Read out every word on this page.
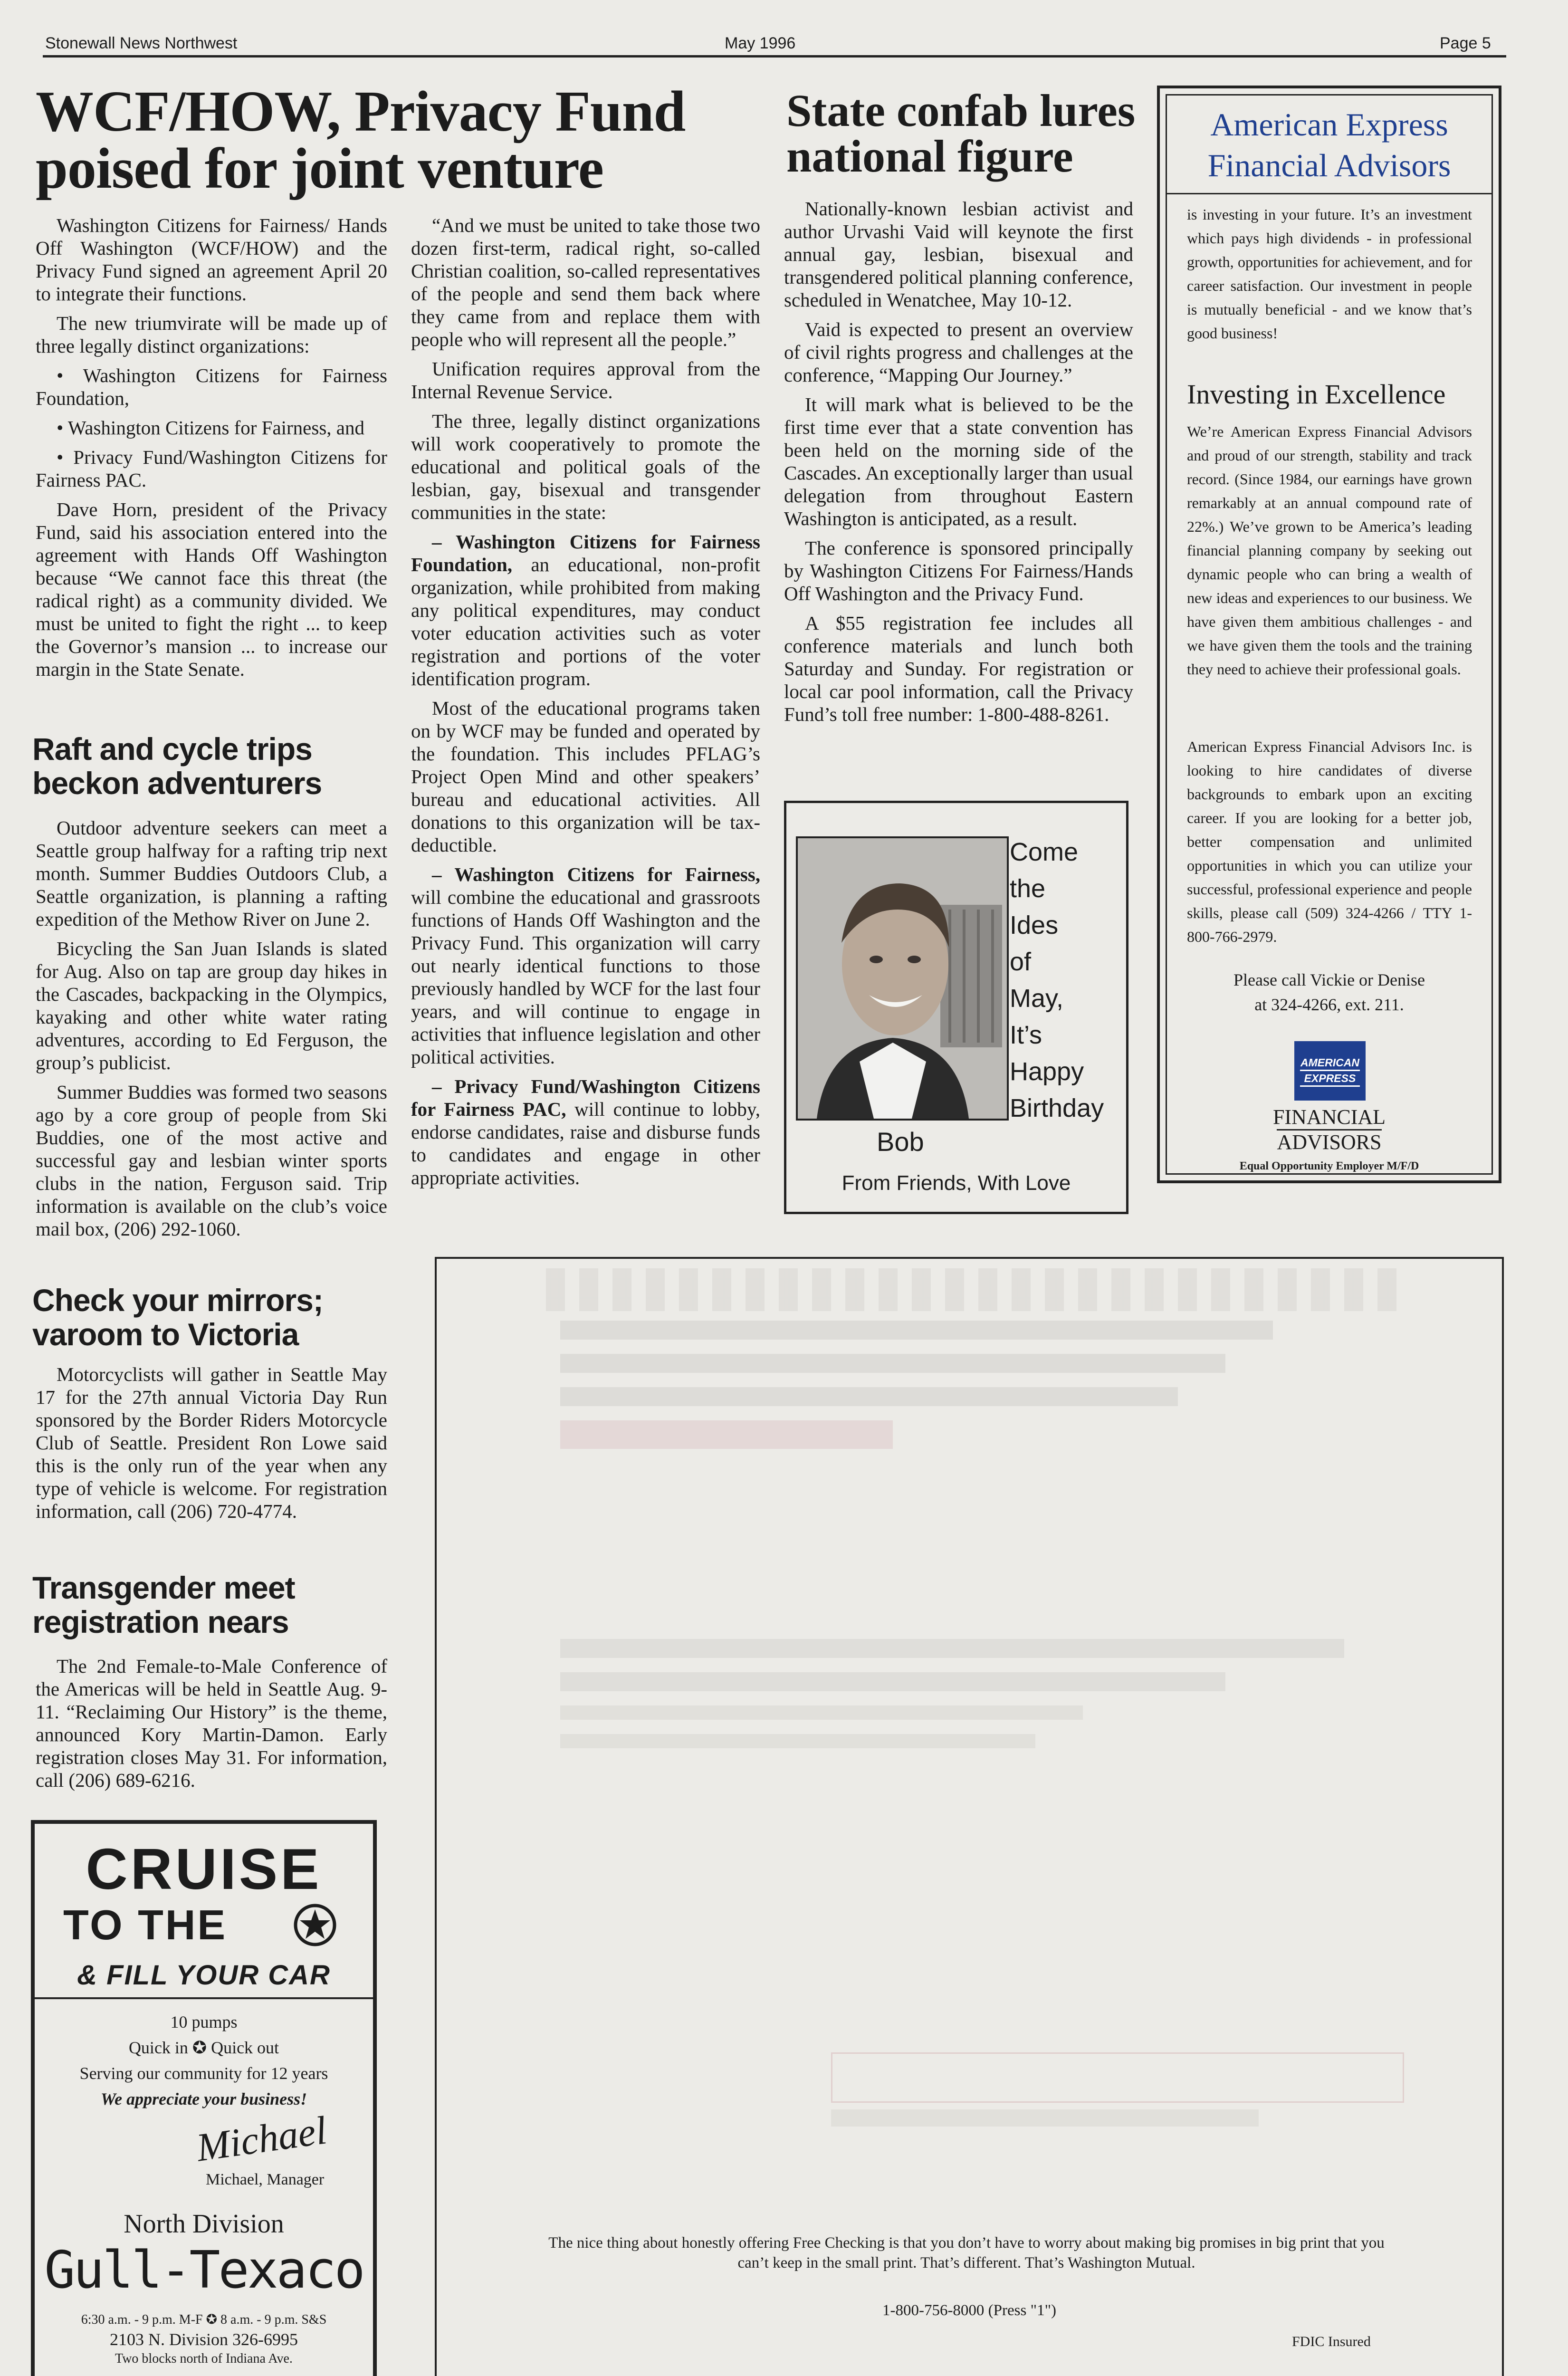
Stonewall News Northwest	May 1996	Page 5
WCF/HOW, Privacy Fund
poised for joint venture

Washington Citizens for Fairness/ Hands Off Washington (WCF/HOW) and the Privacy Fund signed an agreement April 20 to integrate their functions.

The new triumvirate will be made up of three legally distinct organizations:

• Washington Citizens for Fairness Foundation,

• Washington Citizens for Fairness, and

• Privacy Fund/Washington Citizens for Fairness PAC.

Dave Horn, president of the Privacy Fund, said his association entered into the agreement with Hands Off Washington because “We cannot face this threat (the radical right) as a community divided. We must be united to fight the right ... to keep the Governor’s mansion ... to increase our margin in the State Senate.

“And we must be united to take those two dozen first-term, radical right, so-called Christian coalition, so-called representatives of the people and send them back where they came from and replace them with people who will represent all the people.”

Unification requires approval from the Internal Revenue Service.

The three, legally distinct organizations will work cooperatively to promote the educational and political goals of the lesbian, gay, bisexual and transgender communities in the state:

– Washington Citizens for Fairness Foundation, an educational, non-profit organization, while prohibited from making any political expenditures, may conduct voter education activities such as voter registration and portions of the voter identification program.

Most of the educational programs taken on by WCF may be funded and operated by the foundation. This includes PFLAG’s Project Open Mind and other speakers’ bureau and educational activities. All donations to this organization will be tax-deductible.

– Washington Citizens for Fairness, will combine the educational and grassroots functions of Hands Off Washington and the Privacy Fund. This organization will carry out nearly identical functions to those previously handled by WCF for the last four years, and will continue to engage in activities that influence legislation and other political activities.

– Privacy Fund/Washington Citizens for Fairness PAC, will continue to lobby, endorse candidates, raise and disburse funds to candidates and engage in other appropriate activities.

State confab lures
national figure

Nationally-known lesbian activist and author Urvashi Vaid will keynote the first annual gay, lesbian, bisexual and transgendered political planning conference, scheduled in Wenatchee, May 10-12.

Vaid is expected to present an overview of civil rights progress and challenges at the conference, “Mapping Our Journey.”

It will mark what is believed to be the first time ever that a state convention has been held on the morning side of the Cascades. An exceptionally larger than usual delegation from throughout Eastern Washington is anticipated, as a result.

The conference is sponsored principally by Washington Citizens For Fairness/Hands Off Washington and the Privacy Fund.

A $55 registration fee includes all conference materials and lunch both Saturday and Sunday. For registration or local car pool information, call the Privacy Fund’s toll free number: 1-800-488-8261.

Come
the
Ides
of
May,
It’s
Happy
Birthday
Bob
From Friends, With Love
American Express
Financial Advisors
is investing in your future. It’s an investment which pays high dividends - in professional growth, opportunities for achievement, and for career satisfaction. Our investment in people is mutually beneficial - and we know that’s good business!
Investing in Excellence
We’re American Express Financial Advisors and proud of our strength, stability and track record. (Since 1984, our earnings have grown remarkably at an annual compound rate of 22%.) We’ve grown to be America’s leading financial planning company by seeking out dynamic people who can bring a wealth of new ideas and experiences to our business. We have given them ambitious challenges - and we have given them the tools and the training they need to achieve their professional goals.
American Express Financial Advisors Inc. is looking to hire candidates of diverse backgrounds to embark upon an exciting career. If you are looking for a better job, better compensation and unlimited opportunities in which you can utilize your successful, professional experience and people skills, please call (509) 324-4266 / TTY 1-800-766-2979.
Please call Vickie or Denise
at 324-4266, ext. 211.
AMERICAN
EXPRESS
FINANCIAL
ADVISORS
Equal Opportunity Employer M/F/D
Raft and cycle trips
beckon adventurers

Outdoor adventure seekers can meet a Seattle group halfway for a rafting trip next month. Summer Buddies Outdoors Club, a Seattle organization, is planning a rafting expedition of the Methow River on June 2.

Bicycling the San Juan Islands is slated for Aug. Also on tap are group day hikes in the Cascades, backpacking in the Olympics, kayaking and other white water rating adventures, according to Ed Ferguson, the group’s publicist.

Summer Buddies was formed two seasons ago by a core group of people from Ski Buddies, one of the most active and successful gay and lesbian winter sports clubs in the nation, Ferguson said. Trip information is available on the club’s voice mail box, (206) 292-1060.

Check your mirrors;
varoom to Victoria

Motorcyclists will gather in Seattle May 17 for the 27th annual Victoria Day Run sponsored by the Border Riders Motorcycle Club of Seattle. President Ron Lowe said this is the only run of the year when any type of vehicle is welcome. For registration information, call (206) 720-4774.

Transgender meet
registration nears

The 2nd Female-to-Male Conference of the Americas will be held in Seattle Aug. 9-11. “Reclaiming Our History” is the theme, announced Kory Martin-Damon. Early registration closes May 31. For information, call (206) 689-6216.

CRUISE
TO THE
& FILL YOUR CAR
10 pumps
Quick in ✪ Quick out
Serving our community for 12 years
We appreciate your business!
Michael
Michael, Manager
North Division
Gull-Texaco
6:30 a.m. - 9 p.m. M-F ✪ 8 a.m. - 9 p.m. S&S
2103 N. Division 326-6995
Two blocks north of Indiana Ave.
The nice thing about honestly offering Free Checking is that you don’t have to worry about making big promises in big print that you can’t keep in the small print. That’s different. That’s Washington Mutual.
1-800-756-8000 (Press "1")
FDIC Insured
